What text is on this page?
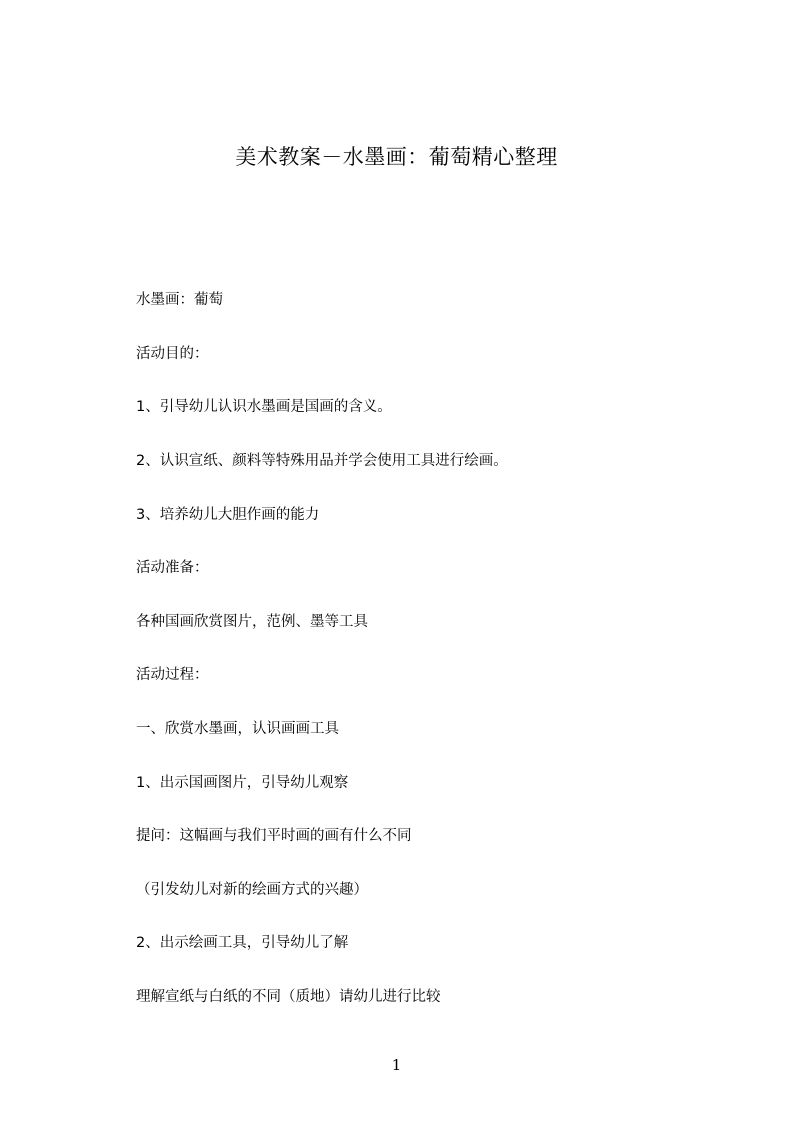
美术教案－水墨画：葡萄精心整理
水墨画：葡萄
活动目的：
1、引导幼儿认识水墨画是国画的含义。
2、认识宣纸、颜料等特殊用品并学会使用工具进行绘画。
3、培养幼儿大胆作画的能力
活动准备：
各种国画欣赏图片，范例、墨等工具
活动过程：
一、欣赏水墨画，认识画画工具
1、出示国画图片，引导幼儿观察
提问：这幅画与我们平时画的画有什么不同
（引发幼儿对新的绘画方式的兴趣）
2、出示绘画工具，引导幼儿了解
理解宣纸与白纸的不同（质地）请幼儿进行比较
1
